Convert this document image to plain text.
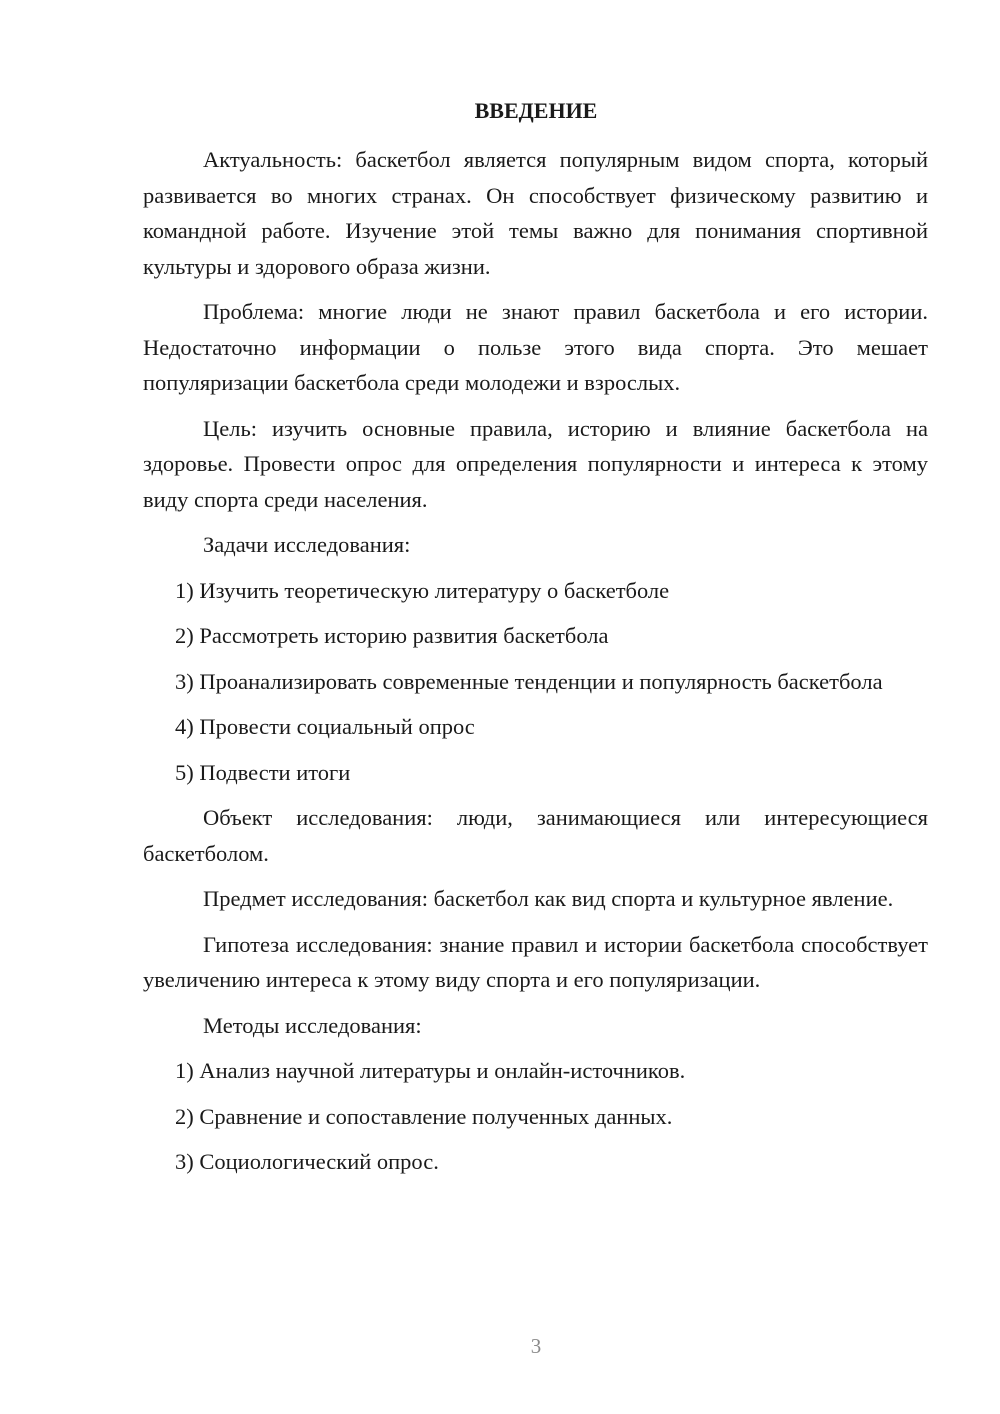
ВВЕДЕНИЕ

Актуальность: баскетбол является популярным видом спорта, который развивается во многих странах. Он способствует физическому развитию и командной работе. Изучение этой темы важно для понимания спортивной культуры и здорового образа жизни.

Проблема: многие люди не знают правил баскетбола и его истории. Недостаточно информации о пользе этого вида спорта. Это мешает популяризации баскетбола среди молодежи и взрослых.

Цель: изучить основные правила, историю и влияние баскетбола на здоровье. Провести опрос для определения популярности и интереса к этому виду спорта среди населения.

Задачи исследования:

1) Изучить теоретическую литературу о баскетболе

2) Рассмотреть историю развития баскетбола

3) Проанализировать современные тенденции и популярность баскетбола

4) Провести социальный опрос

5) Подвести итоги

Объект исследования: люди, занимающиеся или интересующиеся баскетболом.

Предмет исследования: баскетбол как вид спорта и культурное явление.

Гипотеза исследования: знание правил и истории баскетбола способствует увеличению интереса к этому виду спорта и его популяризации.

Методы исследования:

1) Анализ научной литературы и онлайн-источников.

2) Сравнение и сопоставление полученных данных.

3) Социологический опрос.

3
